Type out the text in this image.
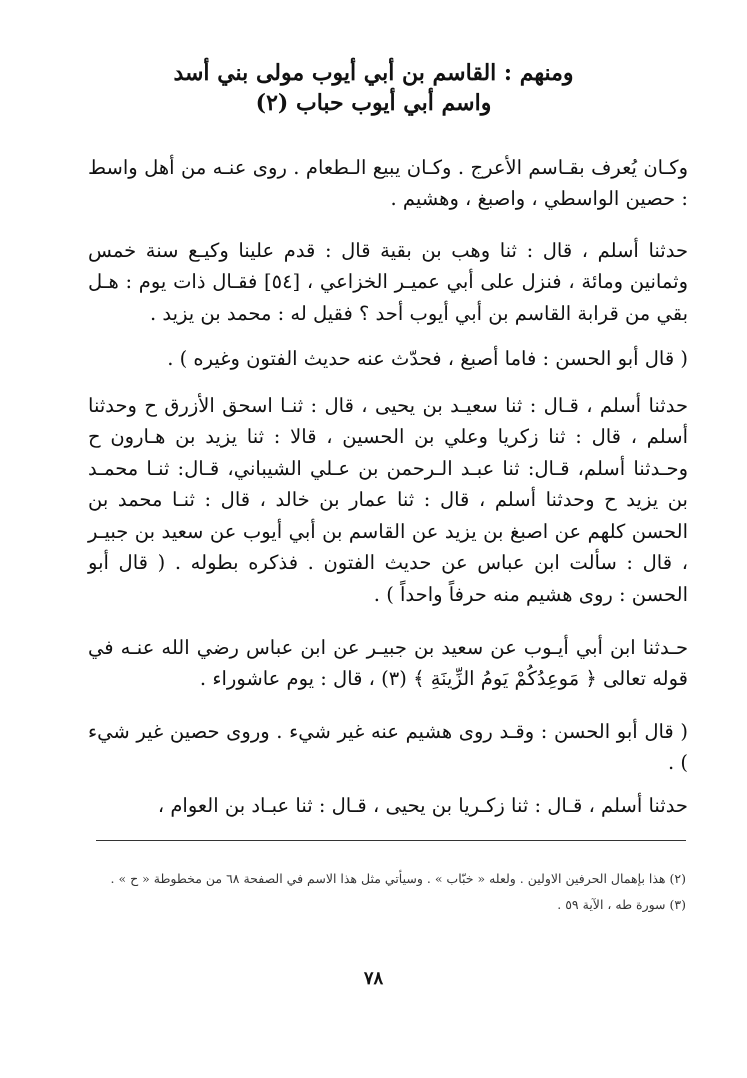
ومنهم : القاسم بن أبي أيوب مولى بني أسد
واسم أبي أيوب حباب (٢)

وكـان يُعرف بقـاسم الأعرج . وكـان يبيع الـطعام . روى عنـه من أهل واسط : حصين الواسطي ، واصبغ ، وهشيم .

حدثنا أسلم ، قال : ثنا وهب بن بقية قال : قدم علينا وكيـع سنة خمس وثمانين ومائة ، فنزل على أبي عميـر الخزاعي ، [٥٤] فقـال ذات يوم : هـل بقي من قرابة القاسم بن أبي أيوب أحد ؟ فقيل له : محمد بن يزيد .

( قال أبو الحسن : فاما أصبغ ، فحدّث عنه حديث الفتون وغيره ) .

حدثنا أسلم ، قـال : ثنا سعيـد بن يحيى ، قال : ثنـا اسحق الأزرق ح وحدثنا أسلم ، قال : ثنا زكريا وعلي بن الحسين ، قالا : ثنا يزيد بن هـارون ح وحـدثنا أسلم، قـال: ثنا عبـد الـرحمن بن عـلي الشيباني، قـال: ثنـا محمـد بن يزيد ح وحدثنا أسلم ، قال : ثنا عمار بن خالد ، قال : ثنـا محمد بن الحسن كلهم عن اصبغ بن يزيد عن القاسم بن أبي أيوب عن سعيد بن جبيـر ، قال : سألت ابن عباس عن حديث الفتون . فذكره بطوله . ( قال أبو الحسن : روى هشيم منه حرفاً واحداً ) .

حـدثنا ابن أبي أيـوب عن سعيد بن جبيـر عن ابن عباس رضي الله عنـه في قوله تعالى ﴿ مَوعِدُكُمْ يَومُ الزِّينَةِ ﴾ (٣) ، قال : يوم عاشوراء .

( قال أبو الحسن : وقـد روى هشيم عنه غير شيء . وروى حصين غير شيء ) .

حدثنا أسلم ، قـال : ثنا زكـريا بن يحيى ، قـال : ثنا عبـاد بن العوام ،

(٢) هذا بإهمال الحرفين الاولين . ولعله « خبّاب » . وسيأتي مثل هذا الاسم في الصفحة ٦٨ من مخطوطة « ح » .
(٣) سورة طه ، الآية ٥٩ .
٧٨
